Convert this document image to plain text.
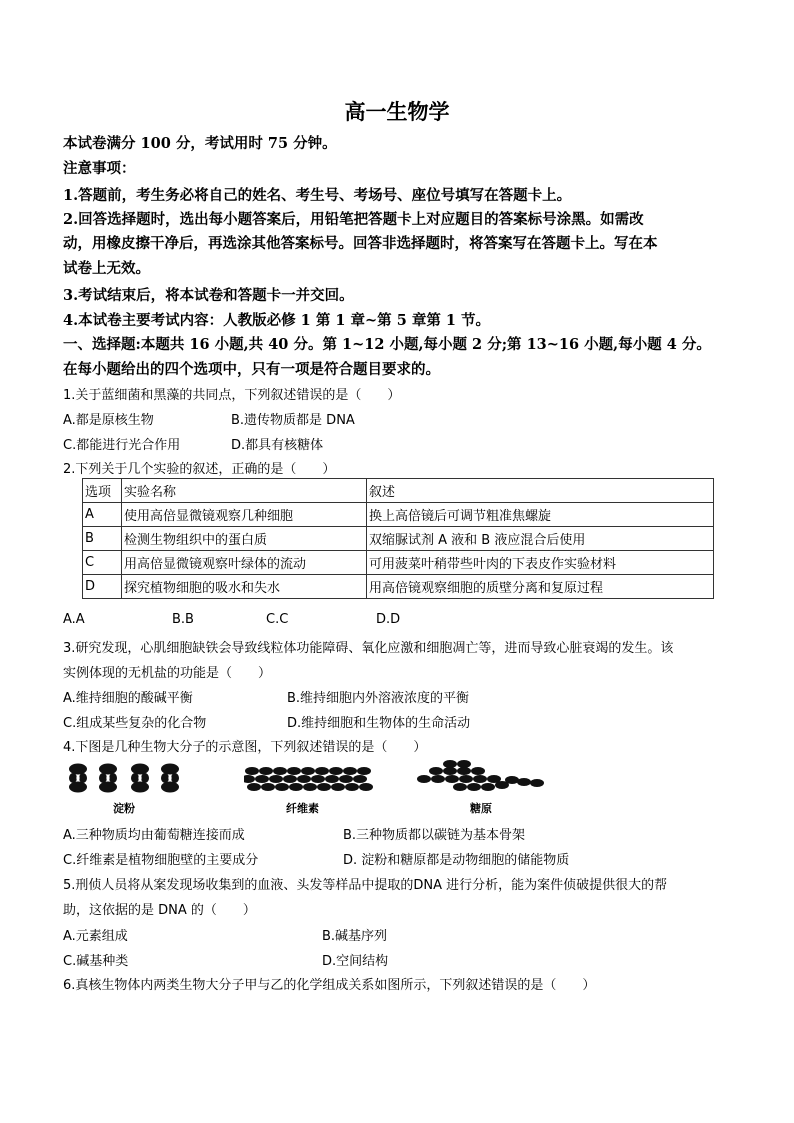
高一生物学
本试卷满分 100 分，考试用时 75 分钟。
注意事项：
1.答题前，考生务必将自己的姓名、考生号、考场号、座位号填写在答题卡上。
2.回答选择题时，选出每小题答案后，用铅笔把答题卡上对应题目的答案标号涂黑。如需改
动，用橡皮擦干净后，再选涂其他答案标号。回答非选择题时，将答案写在答题卡上。写在本
试卷上无效。
3.考试结束后，将本试卷和答题卡一并交回。
4.本试卷主要考试内容：人教版必修 1 第 1 章~第 5 章第 1 节。
一、选择题:本题共 16 小题,共 40 分。第 1~12 小题,每小题 2 分;第 13~16 小题,每小题 4 分。
在每小题给出的四个选项中，只有一项是符合题目要求的。
1.关于蓝细菌和黑藻的共同点，下列叙述错误的是（　　）
A.都是原核生物	B.遗传物质都是 DNA
C.都能进行光合作用	D.都具有核糖体
2.下列关于几个实验的叙述，正确的是（　　）
选项	实验名称	叙述
A	使用高倍显微镜观察几种细胞	换上高倍镜后可调节粗准焦螺旋
B	检测生物组织中的蛋白质	双缩脲试剂 A 液和 B 液应混合后使用
C	用高倍显微镜观察叶绿体的流动	可用菠菜叶稍带些叶肉的下表皮作实验材料
D	探究植物细胞的吸水和失水	用高倍镜观察细胞的质壁分离和复原过程
A.A	B.B	C.C	D.D
3.研究发现，心肌细胞缺铁会导致线粒体功能障碍、氧化应激和细胞凋亡等，进而导致心脏衰竭的发生。该
实例体现的无机盐的功能是（　　）
A.维持细胞的酸碱平衡	B.维持细胞内外溶液浓度的平衡
C.组成某些复杂的化合物	D.维持细胞和生物体的生命活动
4.下图是几种生物大分子的示意图，下列叙述错误的是（　　）
淀粉	纤维素	糖原
A.三种物质均由葡萄糖连接而成	B.三种物质都以碳链为基本骨架
C.纤维素是植物细胞壁的主要成分	D. 淀粉和糖原都是动物细胞的储能物质
5.刑侦人员将从案发现场收集到的血液、头发等样品中提取的DNA 进行分析，能为案件侦破提供很大的帮
助，这依据的是 DNA 的（　　）
A.元素组成	B.碱基序列
C.碱基种类	D.空间结构
6.真核生物体内两类生物大分子甲与乙的化学组成关系如图所示，下列叙述错误的是（　　）
